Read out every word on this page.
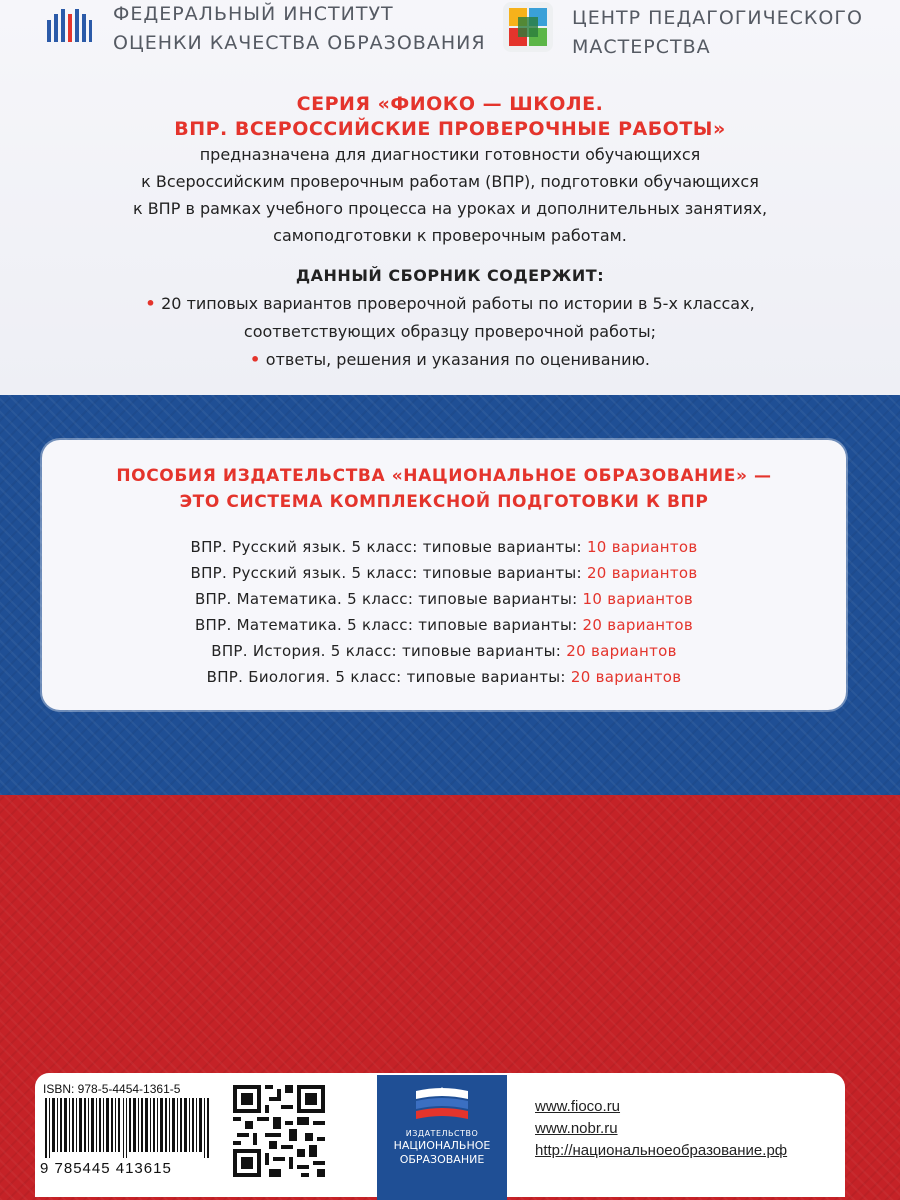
ФЕДЕРАЛЬНЫЙ ИНСТИТУТ
ОЦЕНКИ КАЧЕСТВА ОБРАЗОВАНИЯ
ЦЕНТР ПЕДАГОГИЧЕСКОГО
МАСТЕРСТВА
СЕРИЯ «ФИОКО — ШКОЛЕ.
ВПР. ВСЕРОССИЙСКИЕ ПРОВЕРОЧНЫЕ РАБОТЫ»
предназначена для диагностики готовности обучающихся
к Всероссийским проверочным работам (ВПР), подготовки обучающихся
к ВПР в рамках учебного процесса на уроках и дополнительных занятиях,
самоподготовки к проверочным работам.
ДАННЫЙ СБОРНИК СОДЕРЖИТ:
• 20 типовых вариантов проверочной работы по истории в 5-х классах,
соответствующих образцу проверочной работы;
• ответы, решения и указания по оцениванию.
ПОСОБИЯ ИЗДАТЕЛЬСТВА «НАЦИОНАЛЬНОЕ ОБРАЗОВАНИЕ» —
ЭТО СИСТЕМА КОМПЛЕКСНОЙ ПОДГОТОВКИ К ВПР
ВПР. Русский язык. 5 класс: типовые варианты: 10 вариантов
ВПР. Русский язык. 5 класс: типовые варианты: 20 вариантов
ВПР. Математика. 5 класс: типовые варианты: 10 вариантов
ВПР. Математика. 5 класс: типовые варианты: 20 вариантов
ВПР. История. 5 класс: типовые варианты: 20 вариантов
ВПР. Биология. 5 класс: типовые варианты: 20 вариантов
ISBN: 978-5-4454-1361-5
9 785445 413615
ИЗДАТЕЛЬСТВО
НАЦИОНАЛЬНОЕ
ОБРАЗОВАНИЕ
www.fioco.ru
www.nobr.ru
http://национальноеобразование.рф
